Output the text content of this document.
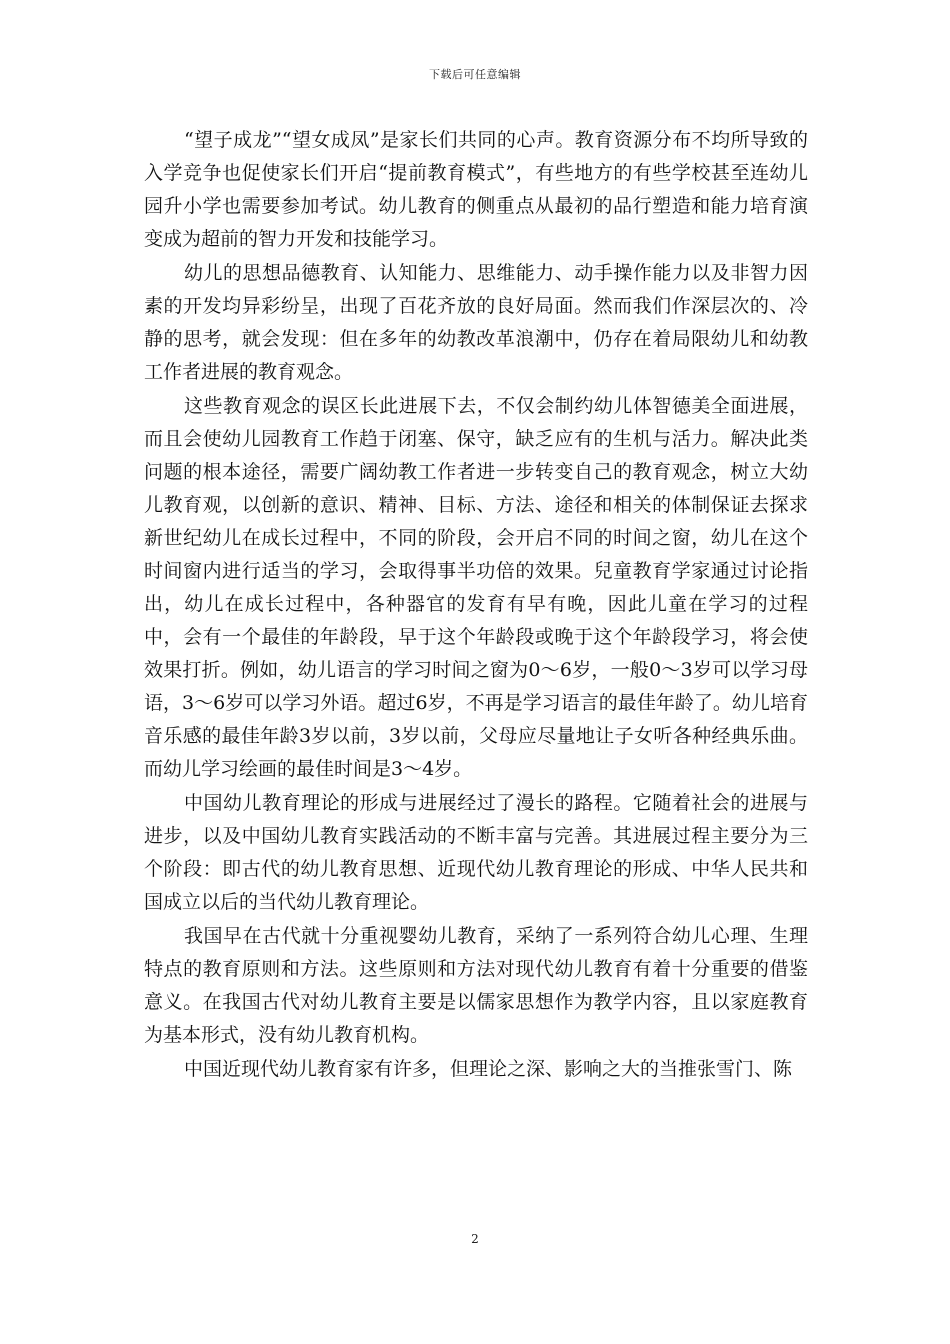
下载后可任意编辑

“望子成龙”“望女成凤”是家长们共同的心声。教育资源分布不均所导致的入学竞争也促使家长们开启“提前教育模式”，有些地方的有些学校甚至连幼儿园升小学也需要参加考试。幼儿教育的侧重点从最初的品行塑造和能力培育演变成为超前的智力开发和技能学习。

幼儿的思想品德教育、认知能力、思维能力、动手操作能力以及非智力因素的开发均异彩纷呈，出现了百花齐放的良好局面。然而我们作深层次的、冷静的思考，就会发现：但在多年的幼教改革浪潮中，仍存在着局限幼儿和幼教工作者进展的教育观念。

这些教育观念的误区长此进展下去，不仅会制约幼儿体智德美全面进展，而且会使幼儿园教育工作趋于闭塞、保守，缺乏应有的生机与活力。解决此类问题的根本途径，需要广阔幼教工作者进一步转变自己的教育观念，树立大幼儿教育观，以创新的意识、精神、目标、方法、途径和相关的体制保证去探求新世纪幼儿在成长过程中，不同的阶段，会开启不同的时间之窗，幼儿在这个时间窗内进行适当的学习，会取得事半功倍的效果。兒童教育学家通过讨论指出，幼儿在成长过程中，各种器官的发育有早有晚，因此儿童在学习的过程中，会有一个最佳的年龄段，早于这个年龄段或晚于这个年龄段学习，将会使效果打折。例如，幼儿语言的学习时间之窗为0～6岁，一般0～3岁可以学习母语，3～6岁可以学习外语。超过6岁，不再是学习语言的最佳年龄了。幼儿培育音乐感的最佳年龄3岁以前，3岁以前，父母应尽量地让子女听各种经典乐曲。而幼儿学习绘画的最佳时间是3～4岁。

中国幼儿教育理论的形成与进展经过了漫长的路程。它随着社会的进展与进步，以及中国幼儿教育实践活动的不断丰富与完善。其进展过程主要分为三个阶段：即古代的幼儿教育思想、近现代幼儿教育理论的形成、中华人民共和国成立以后的当代幼儿教育理论。

我国早在古代就十分重视婴幼儿教育，采纳了一系列符合幼儿心理、生理特点的教育原则和方法。这些原则和方法对现代幼儿教育有着十分重要的借鉴意义。在我国古代对幼儿教育主要是以儒家思想作为教学内容，且以家庭教育为基本形式，没有幼儿教育机构。

中国近现代幼儿教育家有许多，但理论之深、影响之大的当推张雪门、陈

2
